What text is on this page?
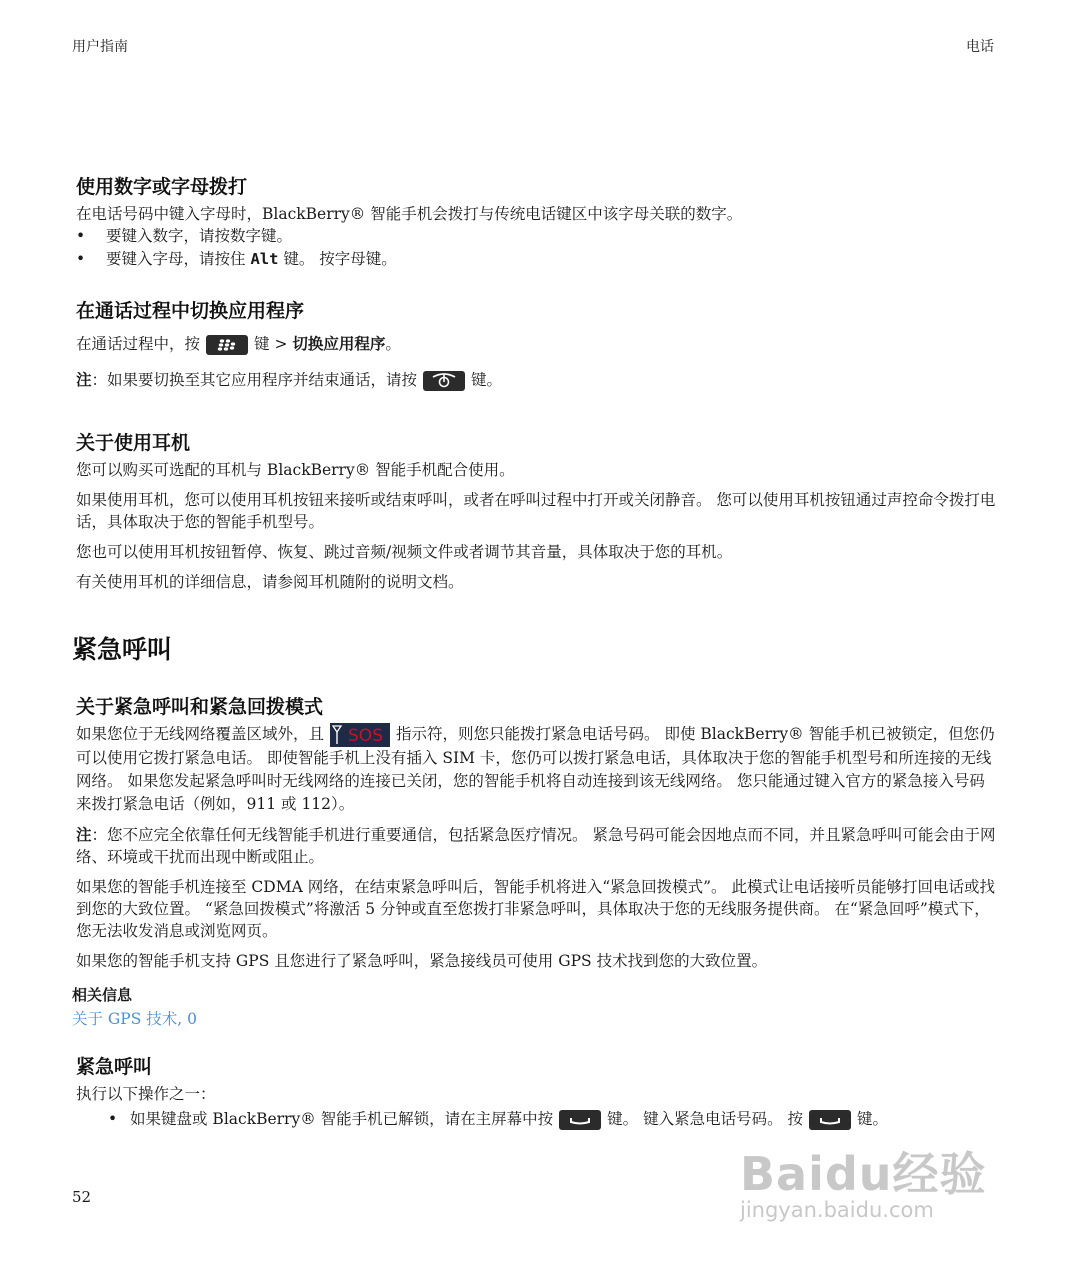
用户指南	电话
使用数字或字母拨打

在电话号码中键入字母时，BlackBerry® 智能手机会拨打与传统电话键区中该字母关联的数字。

•	要键入数字，请按数字键。
•	要键入字母，请按住 Alt 键。 按字母键。
在通话过程中切换应用程序

在通话过程中，按	键 > 切换应用程序。

注：如果要切换至其它应用程序并结束通话，请按	键。

关于使用耳机

您可以购买可选配的耳机与 BlackBerry® 智能手机配合使用。

如果使用耳机，您可以使用耳机按钮来接听或结束呼叫，或者在呼叫过程中打开或关闭静音。 您可以使用耳机按钮通过声控命令拨打电话，具体取决于您的智能手机型号。

您也可以使用耳机按钮暂停、恢复、跳过音频/视频文件或者调节其音量，具体取决于您的耳机。

有关使用耳机的详细信息，请参阅耳机随附的说明文档。

紧急呼叫
关于紧急呼叫和紧急回拨模式

如果您位于无线网络覆盖区域外，且 SOS 指示符，则您只能拨打紧急电话号码。 即使 BlackBerry® 智能手机已被锁定，但您仍可以使用它拨打紧急电话。 即使智能手机上没有插入 SIM 卡，您仍可以拨打紧急电话，具体取决于您的智能手机型号和所连接的无线网络。 如果您发起紧急呼叫时无线网络的连接已关闭，您的智能手机将自动连接到该无线网络。 您只能通过键入官方的紧急接入号码来拨打紧急电话（例如，911 或 112）。

注：您不应完全依靠任何无线智能手机进行重要通信，包括紧急医疗情况。 紧急号码可能会因地点而不同，并且紧急呼叫可能会由于网络、环境或干扰而出现中断或阻止。

如果您的智能手机连接至 CDMA 网络，在结束紧急呼叫后，智能手机将进入“紧急回拨模式”。 此模式让电话接听员能够打回电话或找到您的大致位置。 “紧急回拨模式”将激活 5 分钟或直至您拨打非紧急呼叫，具体取决于您的无线服务提供商。 在“紧急回呼”模式下，您无法收发消息或浏览网页。

如果您的智能手机支持 GPS 且您进行了紧急呼叫，紧急接线员可使用 GPS 技术找到您的大致位置。

相关信息
关于 GPS 技术, 0
紧急呼叫

执行以下操作之一：

• 如果键盘或 BlackBerry® 智能手机已解锁，请在主屏幕中按	键。 键入紧急电话号码。 按	键。
52	Baidu经验
jingyan.baidu.com
